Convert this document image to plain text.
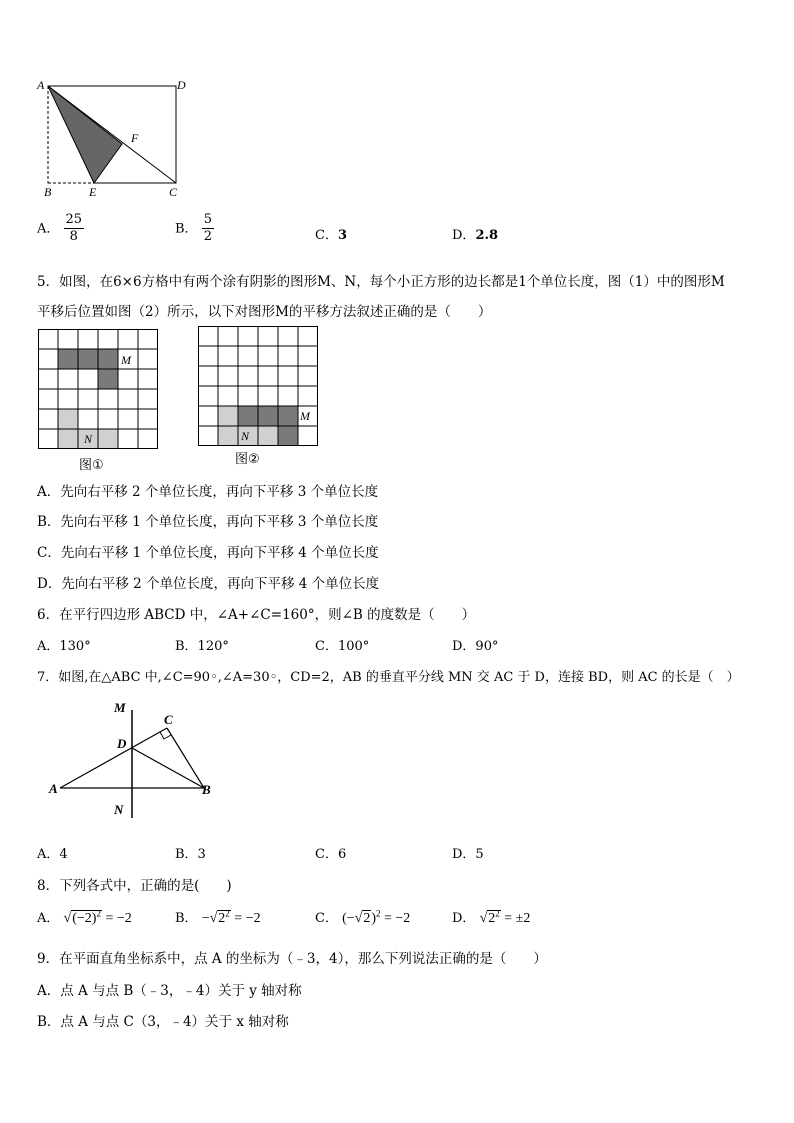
A	D
F
B	E	C
A． $\frac{25}{8}$	B． $\frac{5}{2}$	C．3	D．2.8
5．如图，在6×6方格中有两个涂有阴影的图形M、N，每个小正方形的边长都是1个单位长度，图（1）中的图形M
平移后位置如图（2）所示，以下对图形M的平移方法叙述正确的是（　　）
M
N
图①
M
N
图②
A．先向右平移 2 个单位长度，再向下平移 3 个单位长度
B．先向右平移 1 个单位长度，再向下平移 3 个单位长度
C．先向右平移 1 个单位长度，再向下平移 4 个单位长度
D．先向右平移 2 个单位长度，再向下平移 4 个单位长度
6．在平行四边形 ABCD 中，∠A+∠C=160°，则∠B 的度数是（　　）
A．130°	B．120°	C．100°	D．90°
7．如图,在△ABC 中,∠C=90◦,∠A=30◦，CD=2，AB 的垂直平分线 MN 交 AC 于 D，连接 BD，则 AC 的长是（　）
M
C
D
A	B
N
A．4	B．3	C．6	D．5
8．下列各式中，正确的是(　　)
A． $√(-2)^2 = -2$	B． $-√2^2 = -2$	C． $(-√2)^2 = -2$	D． $√2^2 = \pm 2$
9．在平面直角坐标系中，点 A 的坐标为（﹣3，4），那么下列说法正确的是（　　）
A．点 A 与点 B（﹣3，﹣4）关于 y 轴对称
B．点 A 与点 C（3，﹣4）关于 x 轴对称
